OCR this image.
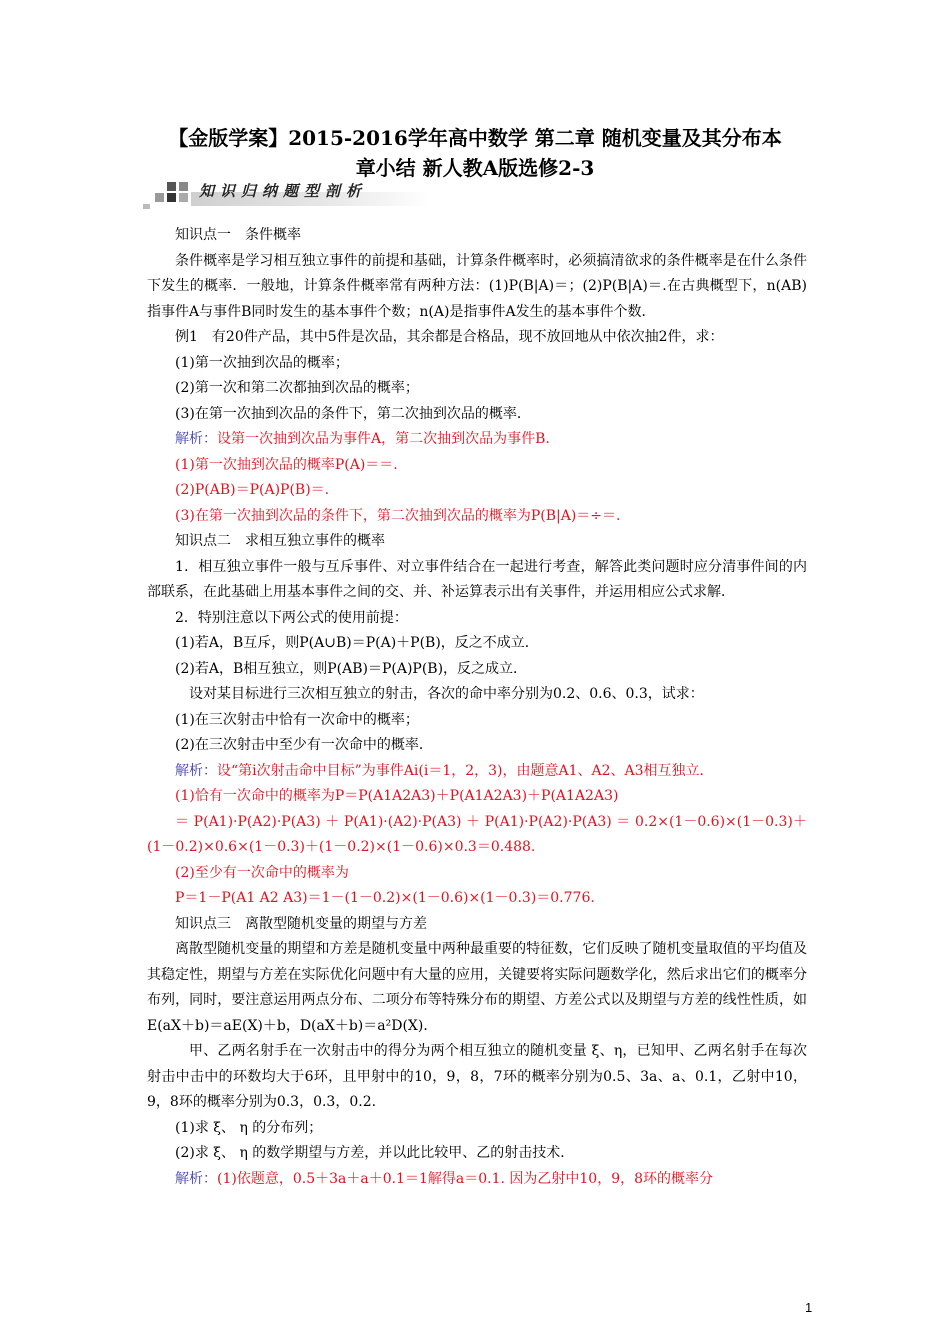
【金版学案】2015-2016学年高中数学 第二章 随机变量及其分布本
章小结 新人教A版选修2-3
知识归纳题型剖析

知识点一　条件概率

条件概率是学习相互独立事件的前提和基础，计算条件概率时，必须搞清欲求的条件概率是在什么条件下发生的概率．一般地，计算条件概率常有两种方法：(1)P(B|A)＝；(2)P(B|A)＝.在古典概型下，n(AB)指事件A与事件B同时发生的基本事件个数；n(A)是指事件A发生的基本事件个数．

例1　有20件产品，其中5件是次品，其余都是合格品，现不放回地从中依次抽2件，求：

(1)第一次抽到次品的概率；

(2)第一次和第二次都抽到次品的概率；

(3)在第一次抽到次品的条件下，第二次抽到次品的概率．

解析：设第一次抽到次品为事件A，第二次抽到次品为事件B.

(1)第一次抽到次品的概率P(A)＝＝.

(2)P(AB)＝P(A)P(B)＝.

(3)在第一次抽到次品的条件下，第二次抽到次品的概率为P(B|A)＝÷＝.

知识点二　求相互独立事件的概率

1．相互独立事件一般与互斥事件、对立事件结合在一起进行考查，解答此类问题时应分清事件间的内部联系，在此基础上用基本事件之间的交、并、补运算表示出有关事件，并运用相应公式求解．

2．特别注意以下两公式的使用前提：

(1)若A，B互斥，则P(A∪B)＝P(A)＋P(B)，反之不成立．

(2)若A，B相互独立，则P(AB)＝P(A)P(B)，反之成立．

设对某目标进行三次相互独立的射击，各次的命中率分别为0.2、0.6、0.3，试求：

(1)在三次射击中恰有一次命中的概率；

(2)在三次射击中至少有一次命中的概率．

解析：设“第i次射击命中目标”为事件Ai(i＝1，2，3)，由题意A1、A2、A3相互独立．

(1)恰有一次命中的概率为P＝P(A1A2A3)＋P(A1A2A3)＋P(A1A2A3)

＝ P(A1)·P(A2)·P(A3) ＋ P(A1)·(A2)·P(A3) ＋ P(A1)·P(A2)·P(A3) ＝ 0.2×(1－0.6)×(1－0.3)＋(1－0.2)×0.6×(1－0.3)＋(1－0.2)×(1－0.6)×0.3＝0.488.

(2)至少有一次命中的概率为

P＝1－P(A1 A2 A3)＝1－(1－0.2)×(1－0.6)×(1－0.3)＝0.776.

知识点三　离散型随机变量的期望与方差

离散型随机变量的期望和方差是随机变量中两种最重要的特征数，它们反映了随机变量取值的平均值及其稳定性，期望与方差在实际优化问题中有大量的应用，关键要将实际问题数学化，然后求出它们的概率分布列，同时，要注意运用两点分布、二项分布等特殊分布的期望、方差公式以及期望与方差的线性性质，如E(aX＋b)＝aE(X)＋b，D(aX＋b)＝a²D(X)．

甲、乙两名射手在一次射击中的得分为两个相互独立的随机变量 ξ、η，已知甲、乙两名射手在每次射击中击中的环数均大于6环，且甲射中的10，9，8，7环的概率分别为0.5、3a、a、0.1，乙射中10，9，8环的概率分别为0.3，0.3，0.2.

(1)求 ξ、 η 的分布列；

(2)求 ξ、 η 的数学期望与方差，并以此比较甲、乙的射击技术．

解析：(1)依题意，0.5＋3a＋a＋0.1＝1解得a＝0.1. 因为乙射中10，9，8环的概率分

1
